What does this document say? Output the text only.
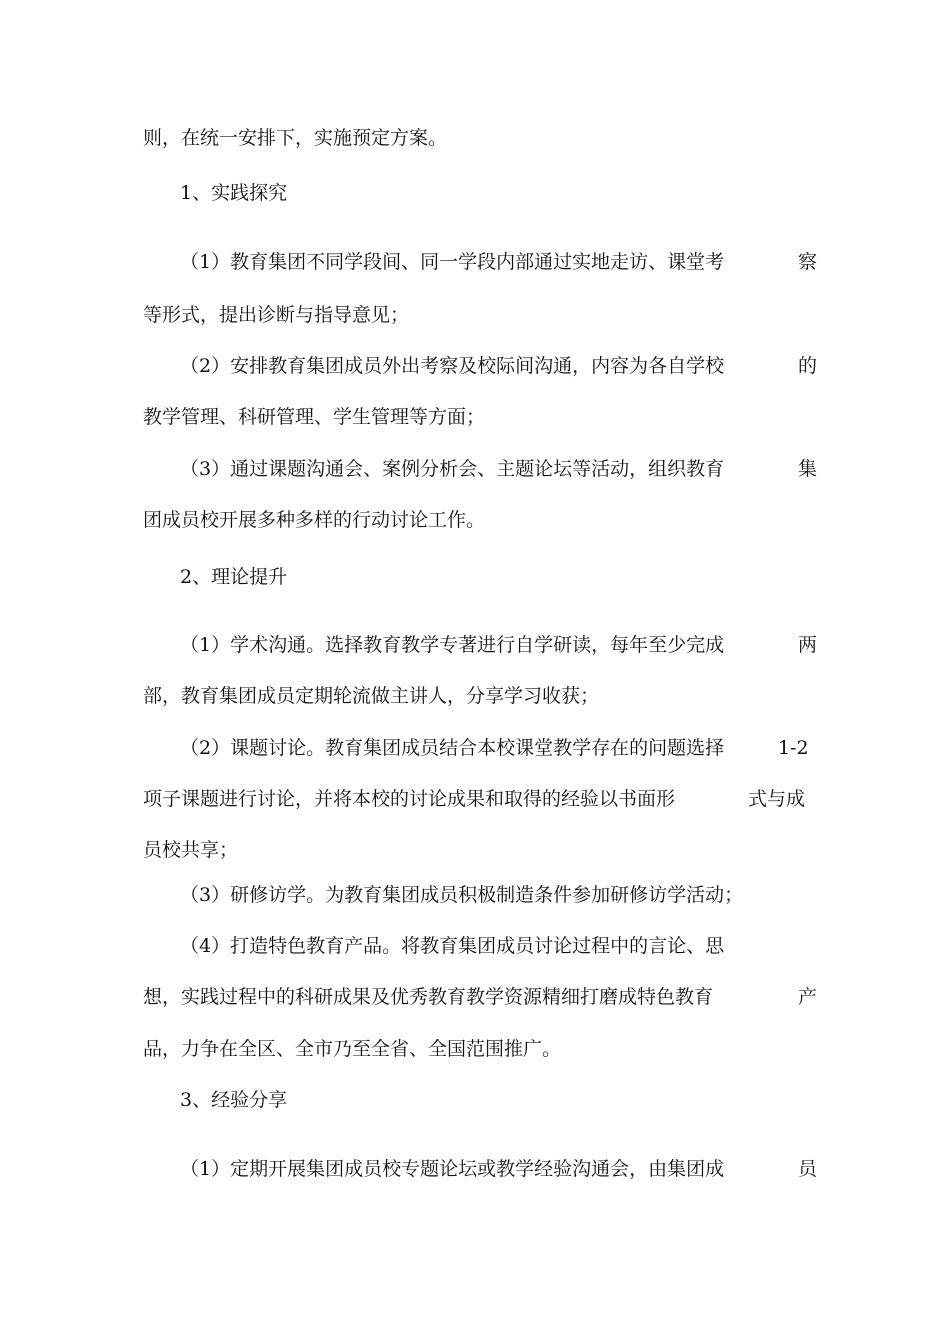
则，在统一安排下，实施预定方案。
1、实践探究
（1）教育集团不同学段间、同一学段内部通过实地走访、课堂考	察
等形式，提出诊断与指导意见；
（2）安排教育集团成员外出考察及校际间沟通，内容为各自学校	的
教学管理、科研管理、学生管理等方面；
（3）通过课题沟通会、案例分析会、主题论坛等活动，组织教育	集
团成员校开展多种多样的行动讨论工作。
2、理论提升
（1）学术沟通。选择教育教学专著进行自学研读，每年至少完成	两
部，教育集团成员定期轮流做主讲人，分享学习收获；
（2）课题讨论。教育集团成员结合本校课堂教学存在的问题选择	1-2
项子课题进行讨论，并将本校的讨论成果和取得的经验以书面形	式与成
员校共享；
（3）研修访学。为教育集团成员积极制造条件参加研修访学活动；
（4）打造特色教育产品。将教育集团成员讨论过程中的言论、思
想，实践过程中的科研成果及优秀教育教学资源精细打磨成特色教育	产
品，力争在全区、全市乃至全省、全国范围推广。
3、经验分享
（1）定期开展集团成员校专题论坛或教学经验沟通会，由集团成	员
